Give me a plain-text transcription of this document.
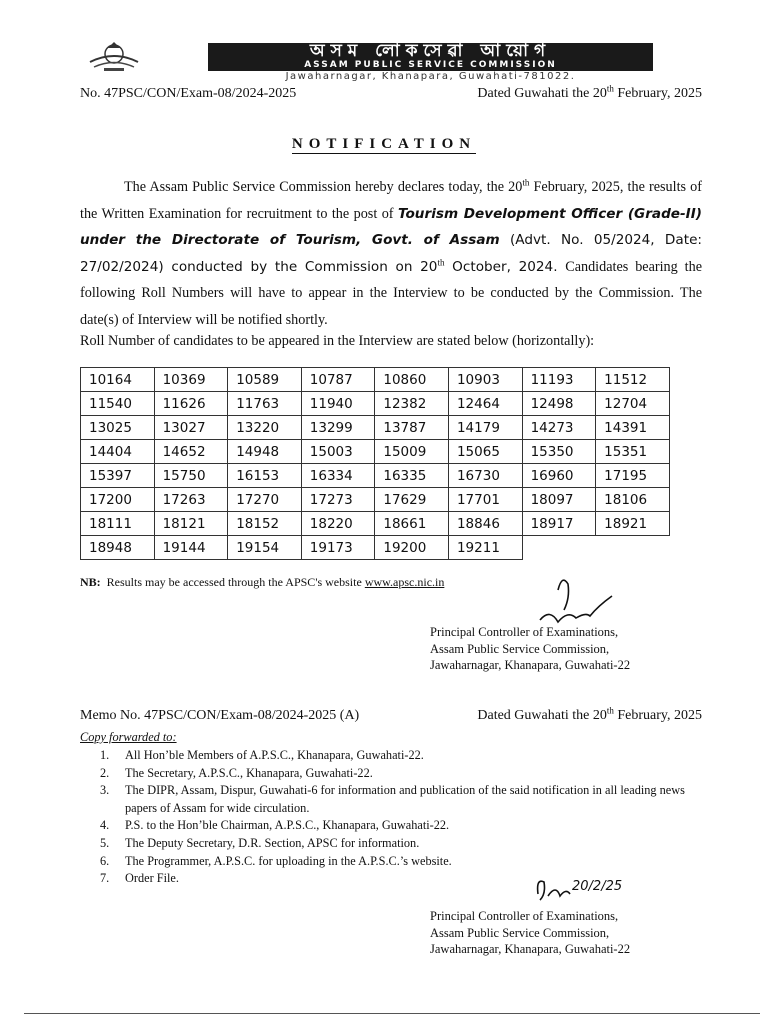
অসম লোকসেৱা আয়োগ
ASSAM PUBLIC SERVICE COMMISSION
Jawaharnagar, Khanapara, Guwahati-781022.
No. 47PSC/CON/Exam-08/2024-2025	Dated Guwahati the 20th February, 2025
NOTIFICATION
The Assam Public Service Commission hereby declares today, the 20th February, 2025, the results of the Written Examination for recruitment to the post of Tourism Development Officer (Grade-II) under the Directorate of Tourism, Govt. of Assam (Advt. No. 05/2024, Date: 27/02/2024) conducted by the Commission on 20th October, 2024. Candidates bearing the following Roll Numbers will have to appear in the Interview to be conducted by the Commission. The date(s) of Interview will be notified shortly.
Roll Number of candidates to be appeared in the Interview are stated below (horizontally):
10164	10369	10589	10787	10860	10903	11193	11512
11540	11626	11763	11940	12382	12464	12498	12704
13025	13027	13220	13299	13787	14179	14273	14391
14404	14652	14948	15003	15009	15065	15350	15351
15397	15750	16153	16334	16335	16730	16960	17195
17200	17263	17270	17273	17629	17701	18097	18106
18111	18121	18152	18220	18661	18846	18917	18921
18948	19144	19154	19173	19200	19211		
NB: Results may be accessed through the APSC's website www.apsc.nic.in
Principal Controller of Examinations,
Assam Public Service Commission,
Jawaharnagar, Khanapara, Guwahati-22
Memo No. 47PSC/CON/Exam-08/2024-2025 (A)	Dated Guwahati the 20th February, 2025
Copy forwarded to:
1. All Hon’ble Members of A.P.S.C., Khanapara, Guwahati-22.
2. The Secretary, A.P.S.C., Khanapara, Guwahati-22.
3. The DIPR, Assam, Dispur, Guwahati-6 for information and publication of the said notification in all leading news papers of Assam for wide circulation.
4. P.S. to the Hon’ble Chairman, A.P.S.C., Khanapara, Guwahati-22.
5. The Deputy Secretary, D.R. Section, APSC for information.
6. The Programmer, A.P.S.C. for uploading in the A.P.S.C.’s website.
7. Order File.
20/2/25
Principal Controller of Examinations,
Assam Public Service Commission,
Jawaharnagar, Khanapara, Guwahati-22
